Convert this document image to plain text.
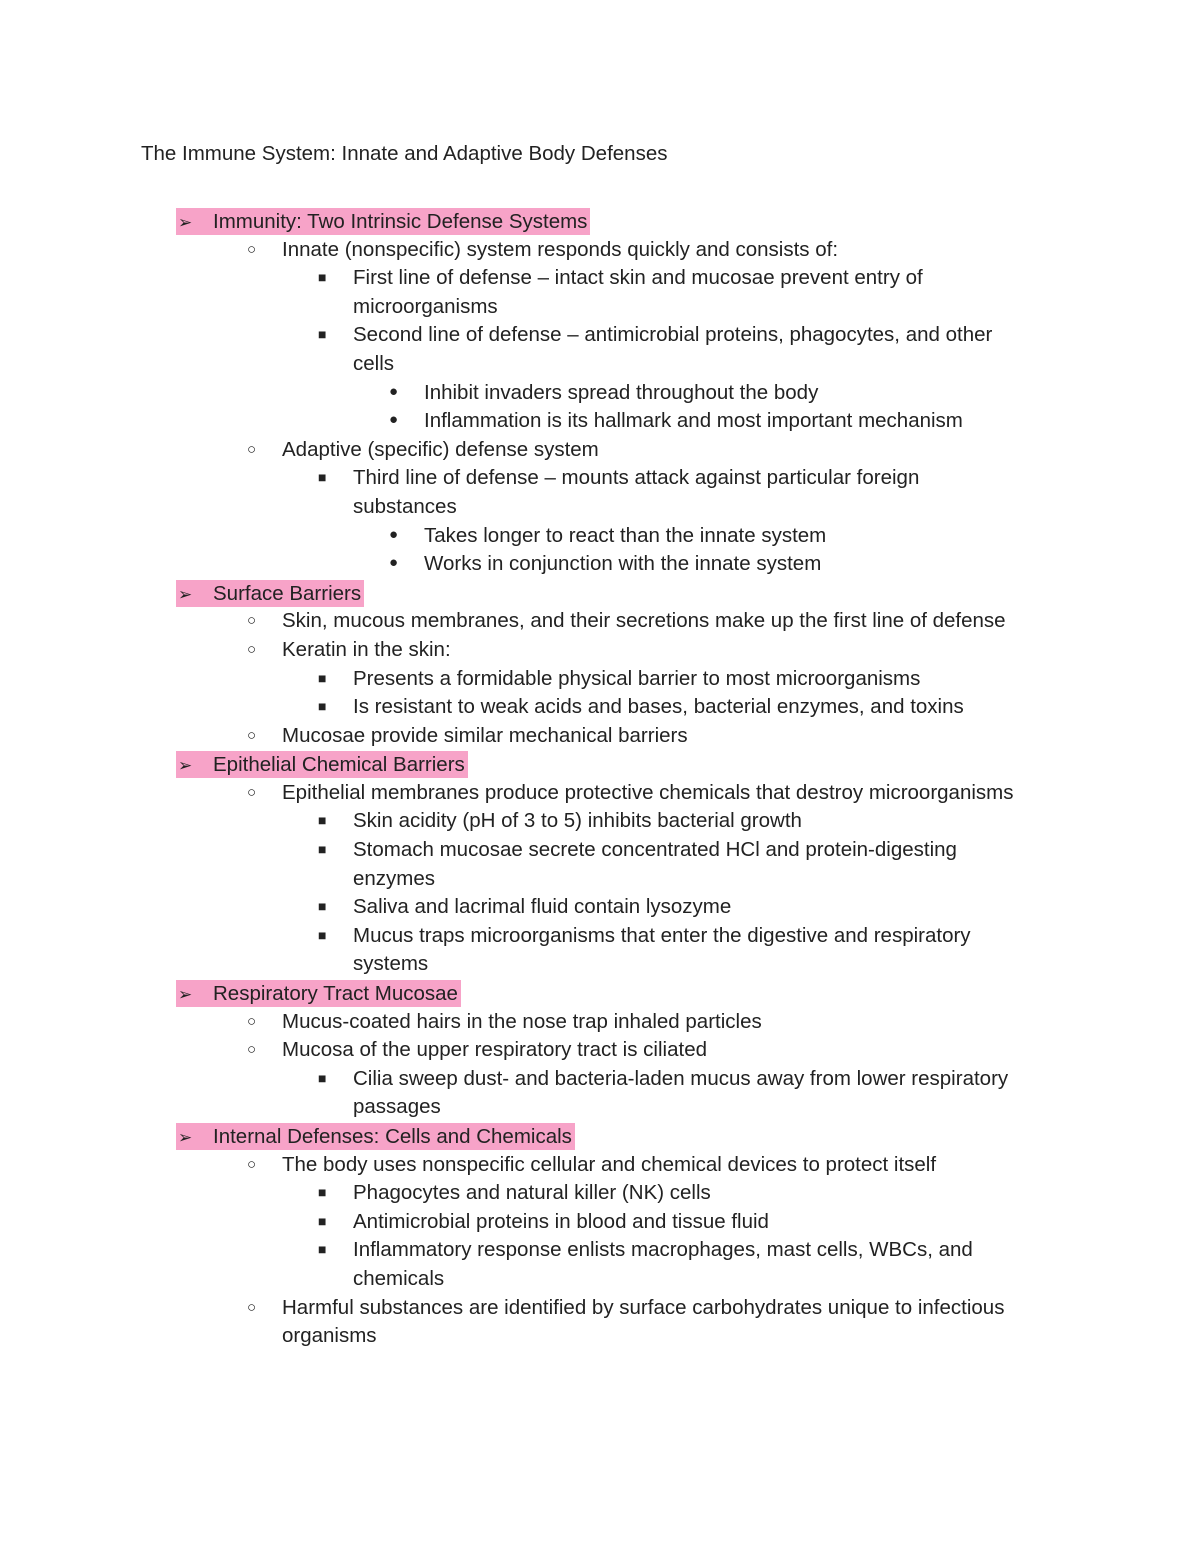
The Immune System: Innate and Adaptive Body Defenses
➢ Immunity: Two Intrinsic Defense Systems
○ Innate (nonspecific) system responds quickly and consists of:
■ First line of defense – intact skin and mucosae prevent entry of
microorganisms
■ Second line of defense – antimicrobial proteins, phagocytes, and other
cells
● Inhibit invaders spread throughout the body
● Inflammation is its hallmark and most important mechanism
○ Adaptive (specific) defense system
■ Third line of defense – mounts attack against particular foreign
substances
● Takes longer to react than the innate system
● Works in conjunction with the innate system
➢ Surface Barriers
○ Skin, mucous membranes, and their secretions make up the first line of defense
○ Keratin in the skin:
■ Presents a formidable physical barrier to most microorganisms
■ Is resistant to weak acids and bases, bacterial enzymes, and toxins
○ Mucosae provide similar mechanical barriers
➢ Epithelial Chemical Barriers
○ Epithelial membranes produce protective chemicals that destroy microorganisms
■ Skin acidity (pH of 3 to 5) inhibits bacterial growth
■ Stomach mucosae secrete concentrated HCl and protein-digesting
enzymes
■ Saliva and lacrimal fluid contain lysozyme
■ Mucus traps microorganisms that enter the digestive and respiratory
systems
➢ Respiratory Tract Mucosae
○ Mucus-coated hairs in the nose trap inhaled particles
○ Mucosa of the upper respiratory tract is ciliated
■ Cilia sweep dust- and bacteria-laden mucus away from lower respiratory
passages
➢ Internal Defenses: Cells and Chemicals
○ The body uses nonspecific cellular and chemical devices to protect itself
■ Phagocytes and natural killer (NK) cells
■ Antimicrobial proteins in blood and tissue fluid
■ Inflammatory response enlists macrophages, mast cells, WBCs, and
chemicals
○ Harmful substances are identified by surface carbohydrates unique to infectious
organisms
